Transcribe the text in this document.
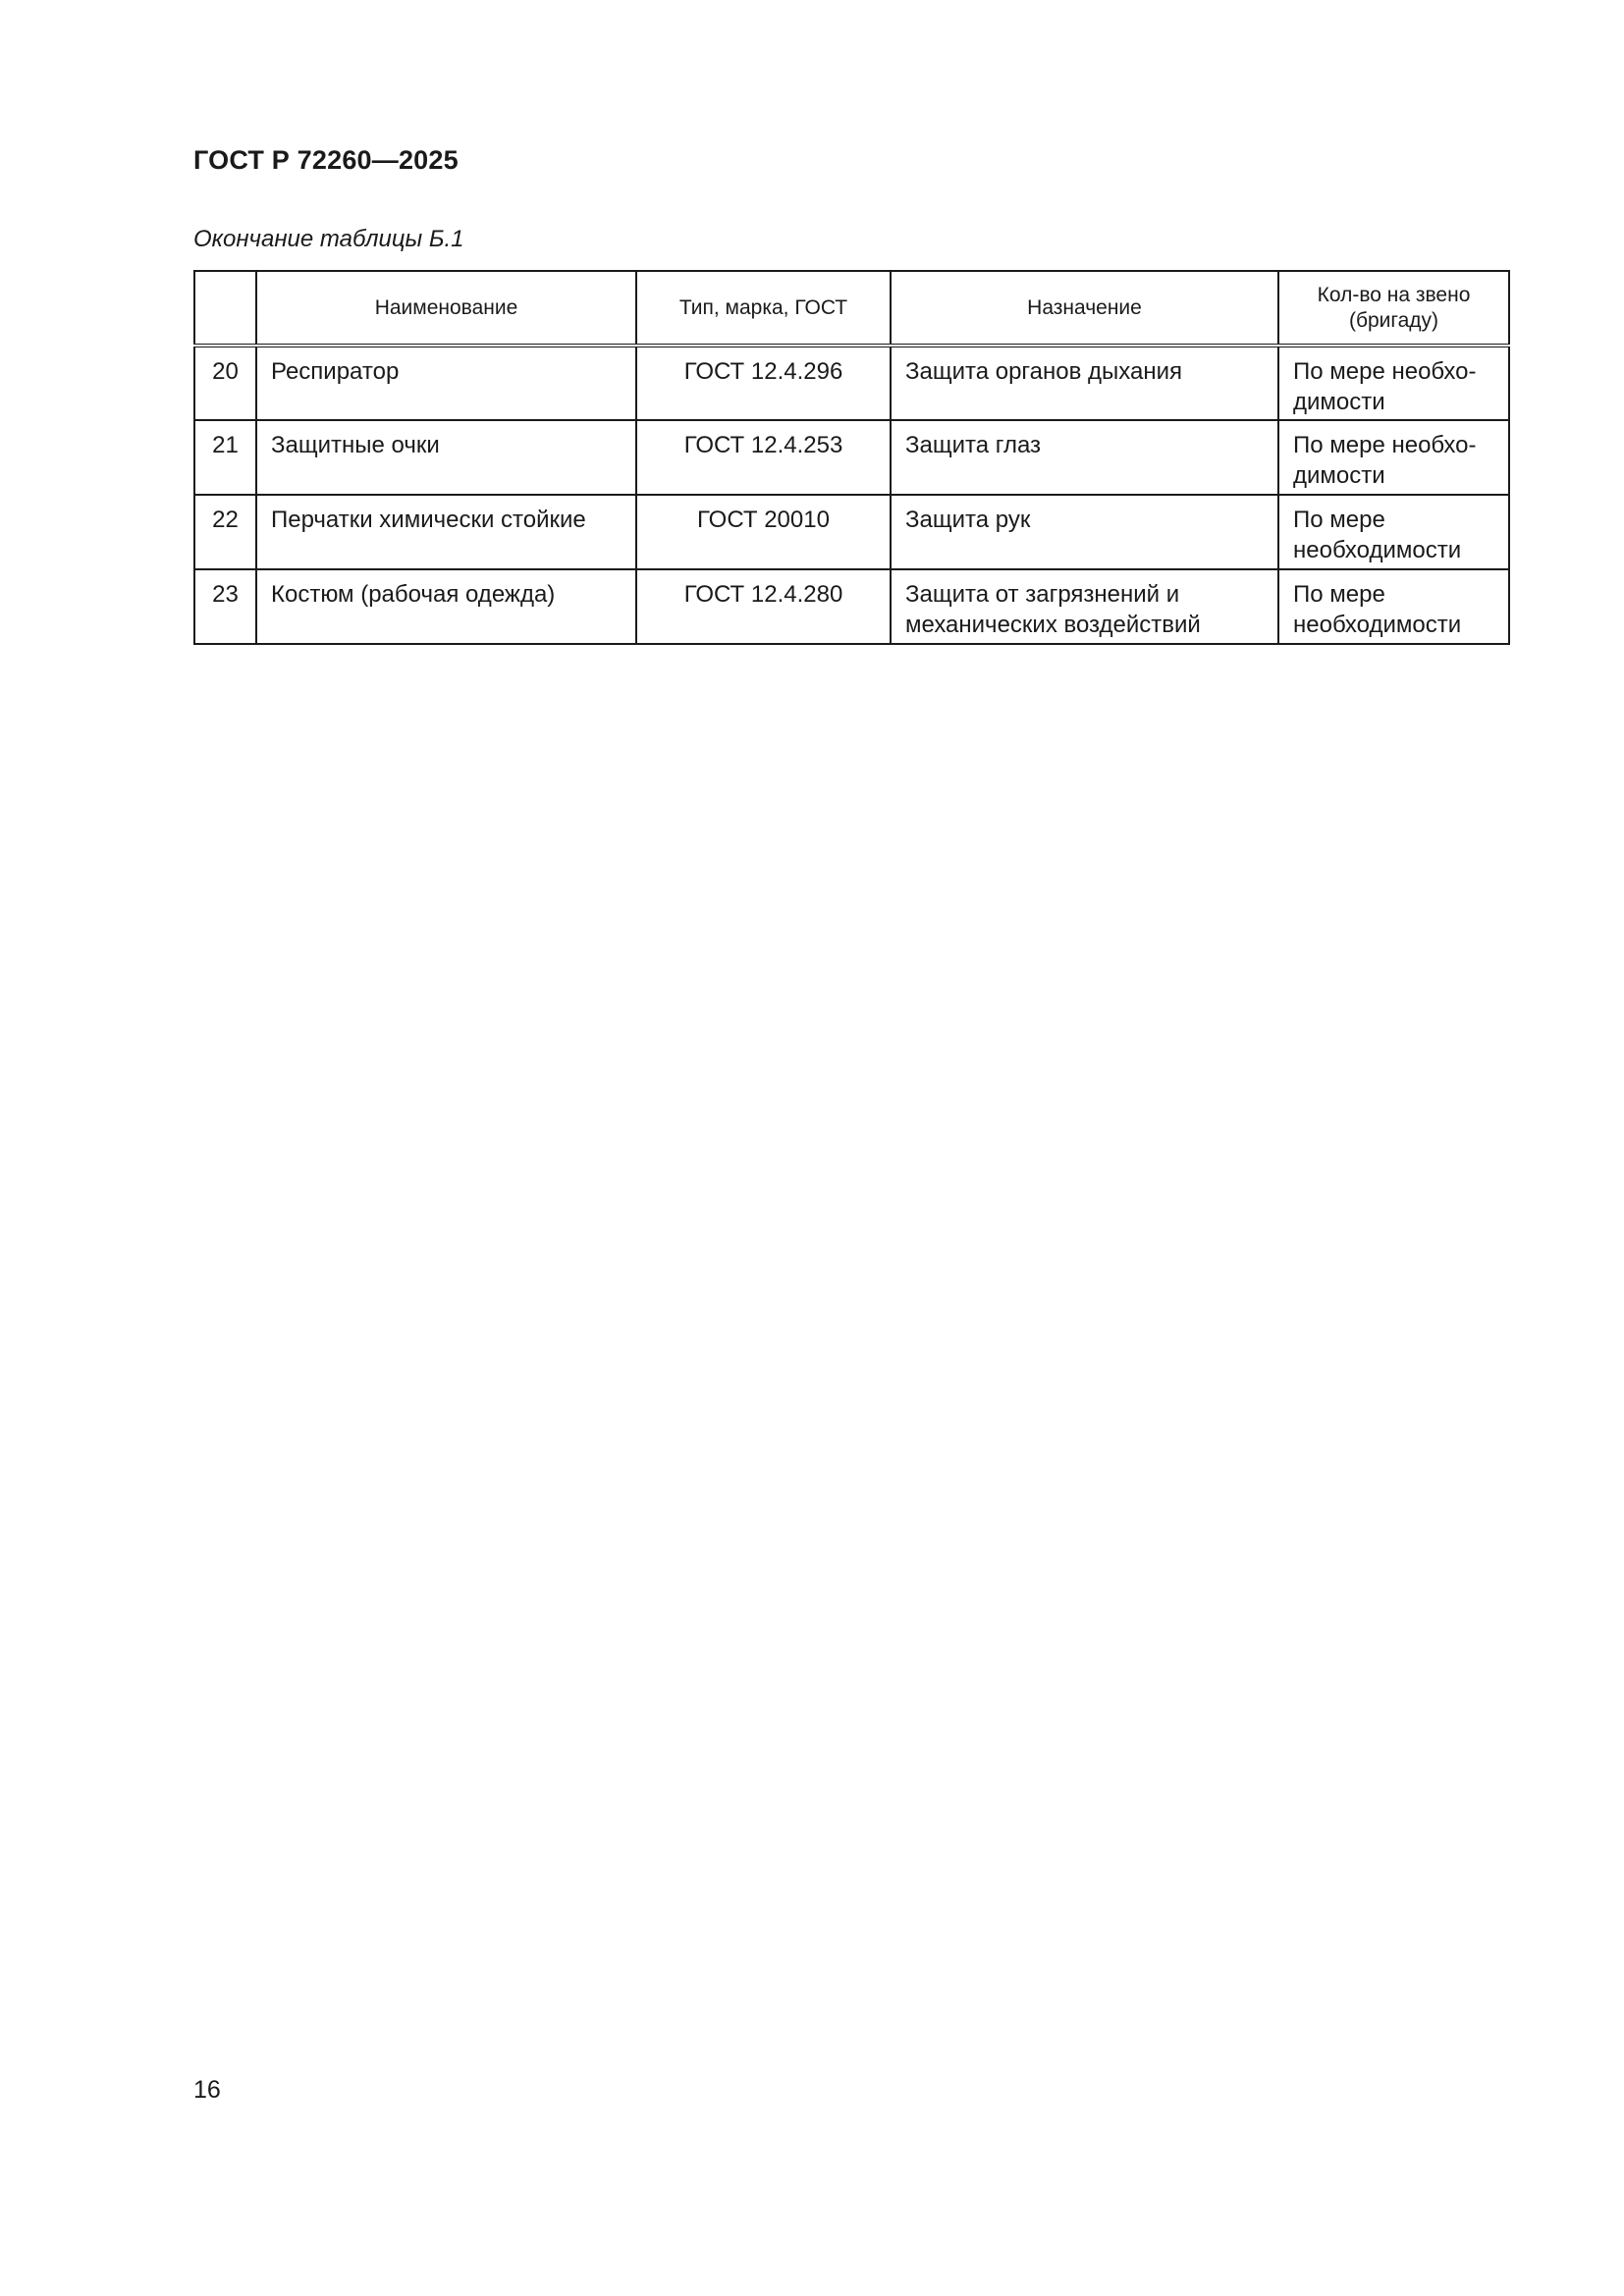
ГОСТ Р 72260—2025

Окончание таблицы Б.1

	Наименование	Тип, марка, ГОСТ	Назначение	Кол-во на звено (бригаду)

20	Респиратор	ГОСТ 12.4.296	Защита органов дыхания	По мере необхо-димости
21	Защитные очки	ГОСТ 12.4.253	Защита глаз	По мере необхо-димости
22	Перчатки химически стойкие	ГОСТ 20010	Защита рук	По мере необходимости

23	Костюм (рабочая одежда)	ГОСТ 12.4.280	Защита от загрязнений и механических воздействий	По мере необходимости

16
